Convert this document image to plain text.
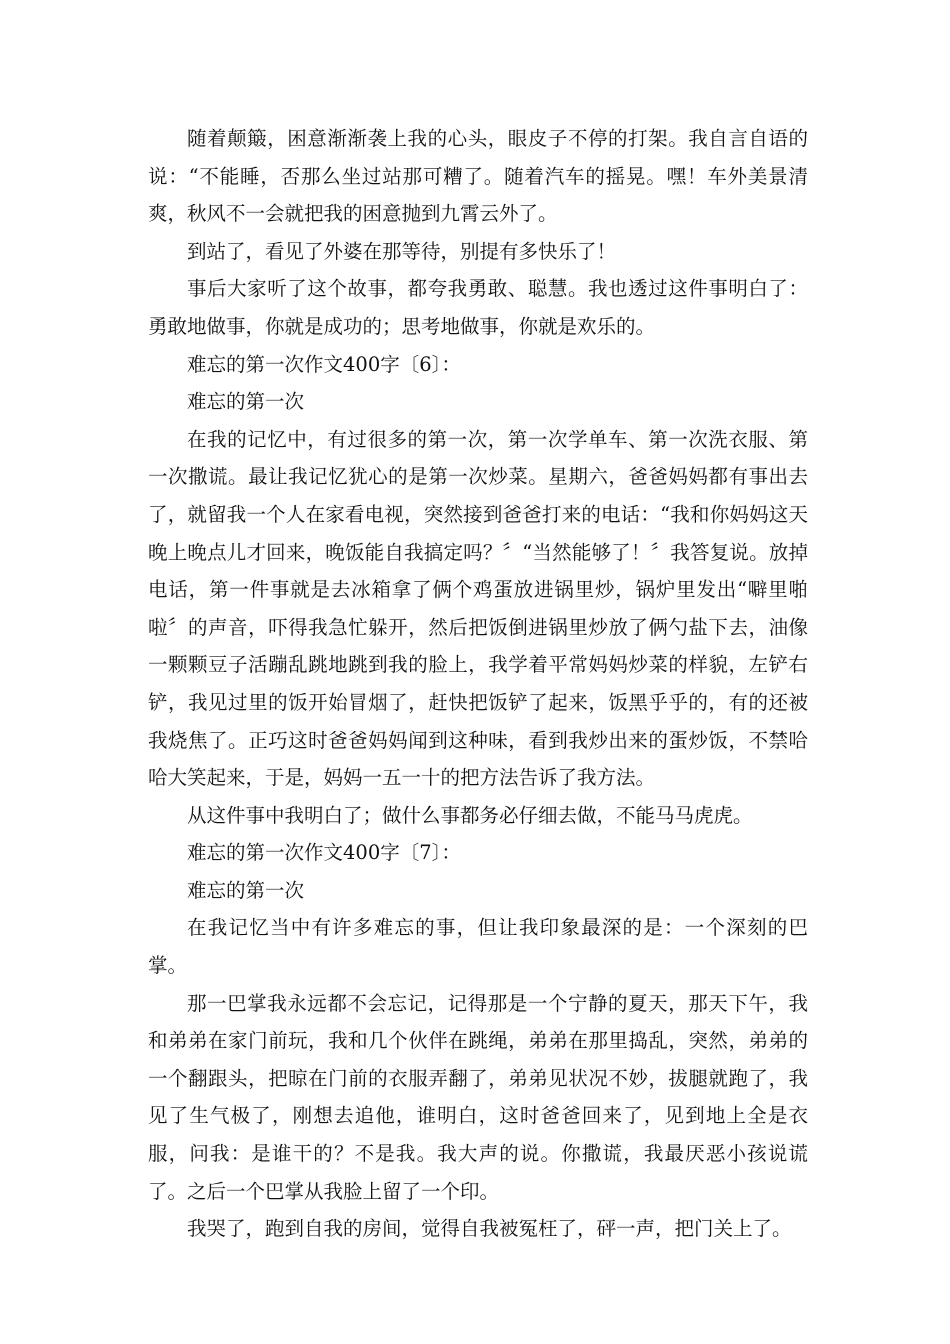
随着颠簸，困意渐渐袭上我的心头，眼皮子不停的打架。我自言自语的说：“不能睡，否那么坐过站那可糟了。随着汽车的摇晃。嘿！车外美景清爽，秋风不一会就把我的困意抛到九霄云外了。

到站了，看见了外婆在那等待，别提有多快乐了！

事后大家听了这个故事，都夸我勇敢、聪慧。我也透过这件事明白了：勇敢地做事，你就是成功的；思考地做事，你就是欢乐的。

难忘的第一次作文400字〔6〕：

难忘的第一次

在我的记忆中，有过很多的第一次，第一次学单车、第一次洗衣服、第一次撒谎。最让我记忆犹心的是第一次炒菜。星期六，爸爸妈妈都有事出去了，就留我一个人在家看电视，突然接到爸爸打来的电话：“我和你妈妈这天晚上晚点儿才回来，晚饭能自我搞定吗？〞“当然能够了！〞我答复说。放掉电话，第一件事就是去冰箱拿了俩个鸡蛋放进锅里炒，锅炉里发出“噼里啪啦〞的声音，吓得我急忙躲开，然后把饭倒进锅里炒放了俩勺盐下去，油像一颗颗豆子活蹦乱跳地跳到我的脸上，我学着平常妈妈炒菜的样貌，左铲右铲，我见过里的饭开始冒烟了，赶快把饭铲了起来，饭黑乎乎的，有的还被我烧焦了。正巧这时爸爸妈妈闻到这种味，看到我炒出来的蛋炒饭，不禁哈哈大笑起来，于是，妈妈一五一十的把方法告诉了我方法。

从这件事中我明白了；做什么事都务必仔细去做，不能马马虎虎。

难忘的第一次作文400字〔7〕：

难忘的第一次

在我记忆当中有许多难忘的事，但让我印象最深的是：一个深刻的巴掌。

那一巴掌我永远都不会忘记，记得那是一个宁静的夏天，那天下午，我和弟弟在家门前玩，我和几个伙伴在跳绳，弟弟在那里捣乱，突然，弟弟的一个翻跟头，把晾在门前的衣服弄翻了，弟弟见状况不妙，拔腿就跑了，我见了生气极了，刚想去追他，谁明白，这时爸爸回来了，见到地上全是衣服，问我：是谁干的？不是我。我大声的说。你撒谎，我最厌恶小孩说谎了。之后一个巴掌从我脸上留了一个印。

我哭了，跑到自我的房间，觉得自我被冤枉了，砰一声，把门关上了。
